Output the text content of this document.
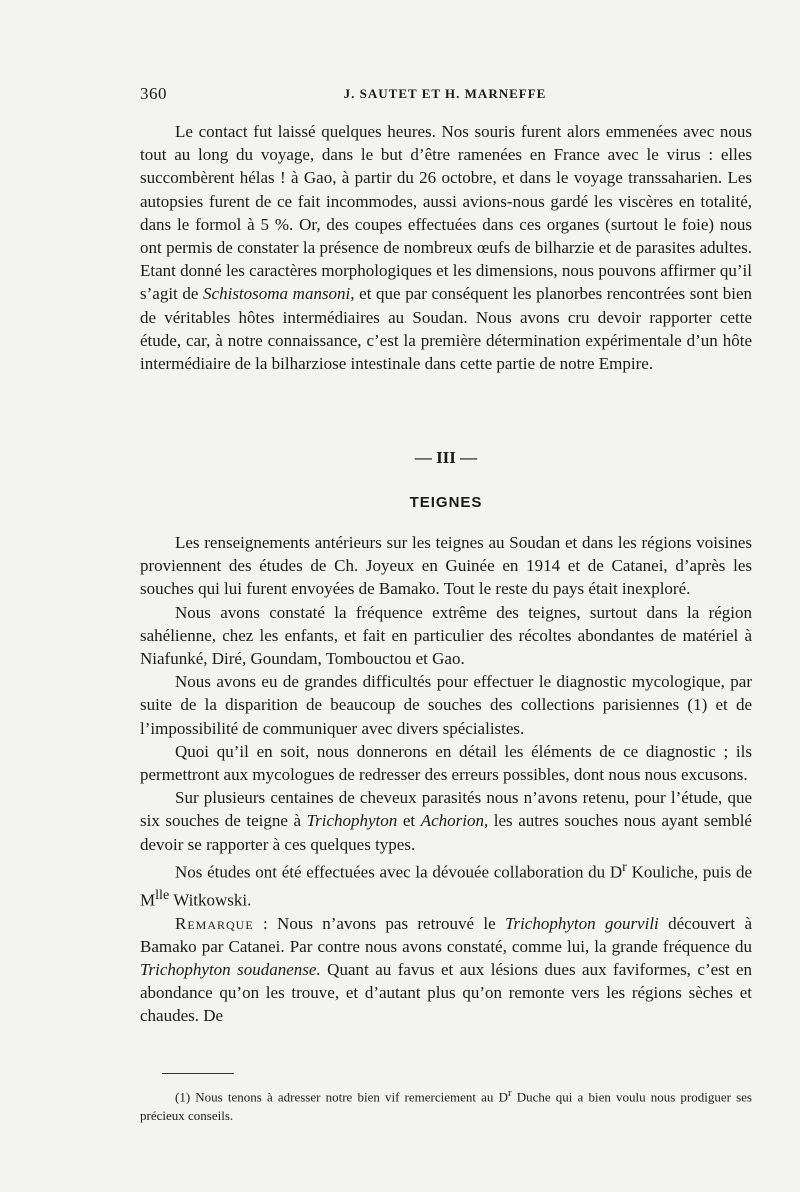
360	J. SAUTET ET H. MARNEFFE

Le contact fut laissé quelques heures. Nos souris furent alors emmenées avec nous tout au long du voyage, dans le but d’être ramenées en France avec le virus : elles succombèrent hélas ! à Gao, à partir du 26 octobre, et dans le voyage transsaharien. Les autopsies furent de ce fait incommodes, aussi avions-nous gardé les viscères en totalité, dans le formol à 5 %. Or, des coupes effectuées dans ces organes (surtout le foie) nous ont permis de constater la présence de nombreux œufs de bilharzie et de parasites adultes. Etant donné les caractères morphologiques et les dimensions, nous pouvons affirmer qu’il s’agit de Schistosoma mansoni, et que par conséquent les planorbes rencontrées sont bien de véritables hôtes intermédiaires au Soudan. Nous avons cru devoir rapporter cette étude, car, à notre connaissance, c’est la première détermination expérimentale d’un hôte intermédiaire de la bilharziose intestinale dans cette partie de notre Empire.

— III —
TEIGNES

Les renseignements antérieurs sur les teignes au Soudan et dans les régions voisines proviennent des études de Ch. Joyeux en Guinée en 1914 et de Catanei, d’après les souches qui lui furent envoyées de Bamako. Tout le reste du pays était inexploré.

Nous avons constaté la fréquence extrême des teignes, surtout dans la région sahélienne, chez les enfants, et fait en particulier des récoltes abondantes de matériel à Niafunké, Diré, Goundam, Tombouctou et Gao.

Nous avons eu de grandes difficultés pour effectuer le diagnostic mycologique, par suite de la disparition de beaucoup de souches des collections parisiennes (1) et de l’impossibilité de communiquer avec divers spécialistes.

Quoi qu’il en soit, nous donnerons en détail les éléments de ce diagnostic ; ils permettront aux mycologues de redresser des erreurs possibles, dont nous nous excusons.

Sur plusieurs centaines de cheveux parasités nous n’avons retenu, pour l’étude, que six souches de teigne à Trichophyton et Achorion, les autres souches nous ayant semblé devoir se rapporter à ces quelques types.

Nos études ont été effectuées avec la dévouée collaboration du $D^r$ Kouliche, puis de $M^{lle}$ Witkowski.

Remarque : Nous n’avons pas retrouvé le Trichophyton gourvili découvert à Bamako par Catanei. Par contre nous avons constaté, comme lui, la grande fréquence du Trichophyton soudanense. Quant au favus et aux lésions dues aux faviformes, c’est en abondance qu’on les trouve, et d’autant plus qu’on remonte vers les régions sèches et chaudes. De

(1) Nous tenons à adresser notre bien vif remerciement au $D^r$ Duche qui a bien voulu nous prodiguer ses précieux conseils.
